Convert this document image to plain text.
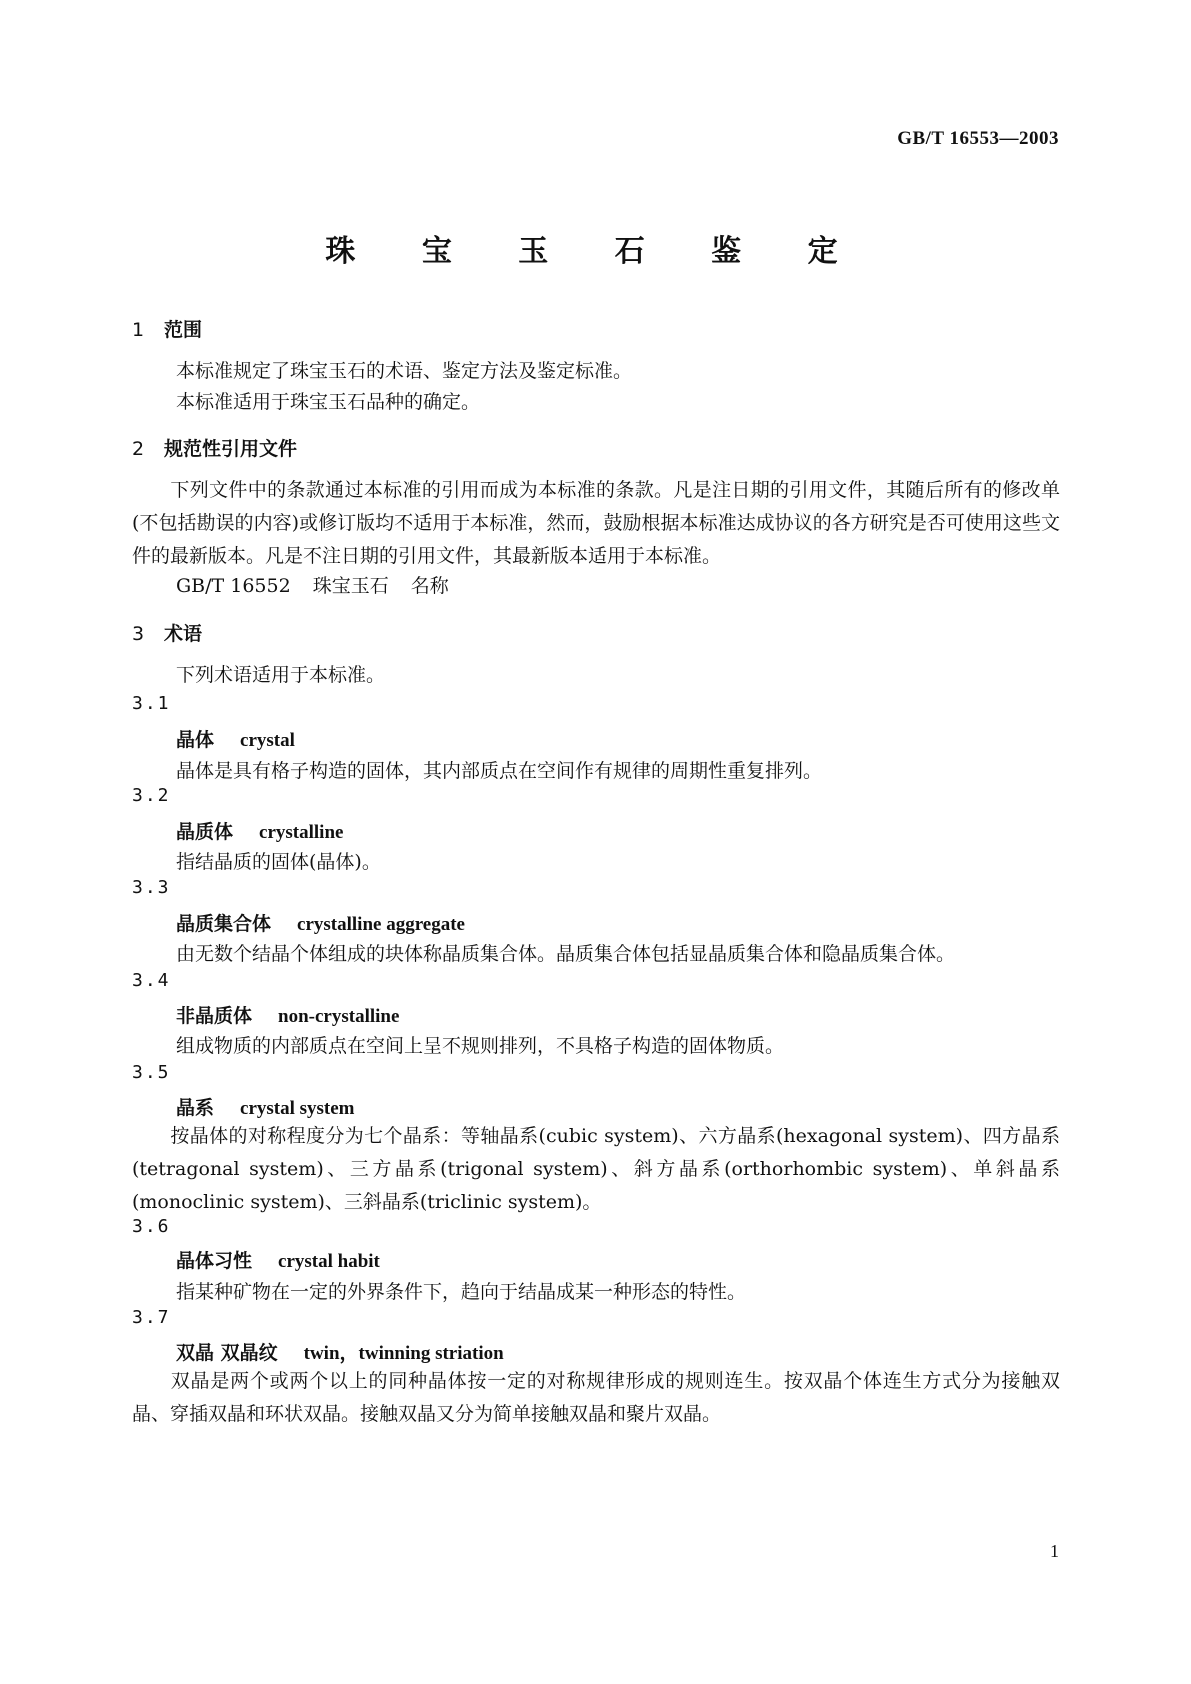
GB/T 16553—2003
珠 宝 玉 石 鉴 定
1 范围
本标准规定了珠宝玉石的术语、鉴定方法及鉴定标准。
本标准适用于珠宝玉石品种的确定。
2 规范性引用文件
下列文件中的条款通过本标准的引用而成为本标准的条款。凡是注日期的引用文件，其随后所有的修改单(不包括勘误的内容)或修订版均不适用于本标准，然而，鼓励根据本标准达成协议的各方研究是否可使用这些文件的最新版本。凡是不注日期的引用文件，其最新版本适用于本标准。
GB/T 16552 珠宝玉石 名称
3 术语
下列术语适用于本标准。
3.1
晶体 crystal
晶体是具有格子构造的固体，其内部质点在空间作有规律的周期性重复排列。
3.2
晶质体 crystalline
指结晶质的固体(晶体)。
3.3
晶质集合体 crystalline aggregate
由无数个结晶个体组成的块体称晶质集合体。晶质集合体包括显晶质集合体和隐晶质集合体。
3.4
非晶质体 non-crystalline
组成物质的内部质点在空间上呈不规则排列，不具格子构造的固体物质。
3.5
晶系 crystal system
按晶体的对称程度分为七个晶系：等轴晶系(cubic system)、六方晶系(hexagonal system)、四方晶系(tetragonal system)、三方晶系(trigonal system)、斜方晶系(orthorhombic system)、单斜晶系(monoclinic system)、三斜晶系(triclinic system)。
3.6
晶体习性 crystal habit
指某种矿物在一定的外界条件下，趋向于结晶成某一种形态的特性。
3.7
双晶 双晶纹 twin，twinning striation
双晶是两个或两个以上的同种晶体按一定的对称规律形成的规则连生。按双晶个体连生方式分为接触双晶、穿插双晶和环状双晶。接触双晶又分为简单接触双晶和聚片双晶。
1
